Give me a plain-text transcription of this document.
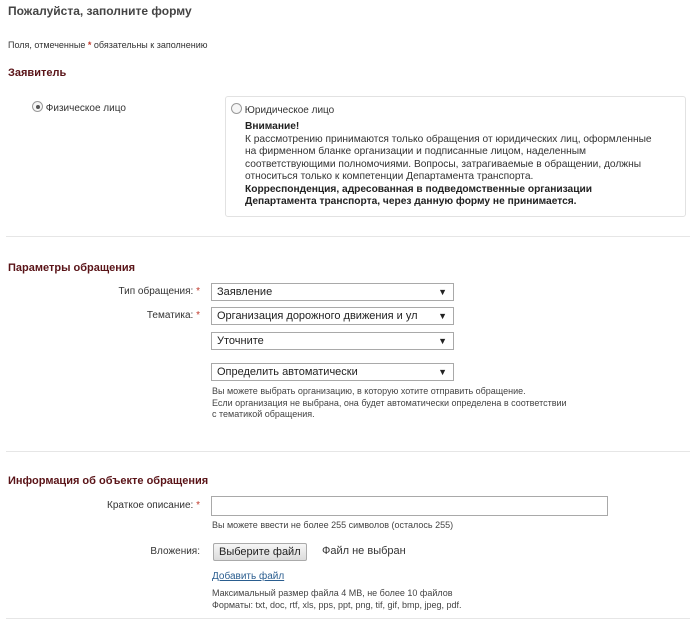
Пожалуйста, заполните форму
Поля, отмеченные * обязательны к заполнению
Заявитель
Физическое лицо	Юридическое лицо
Внимание!
К рассмотрению принимаются только обращения от юридических лиц, оформленные на фирменном бланке организации и подписанные лицом, наделенным соответствующими полномочиями. Вопросы, затрагиваемые в обращении, должны относиться только к компетенции Департамента транспорта.
Корреспонденция, адресованная в подведомственные организации Департамента транспорта, через данную форму не принимается.
Параметры обращения
Тип обращения: *	Заявление	▼
Тематика: *	Организация дорожного движения и ул ▼
Уточните	▼
Определить автоматически	▼
Вы можете выбрать организацию, в которую хотите отправить обращение.
Если организация не выбрана, она будет автоматически определена в соответствии
с тематикой обращения.
Информация об объекте обращения
Краткое описание: *
Вы можете ввести не более 255 символов (осталось 255)
Вложения:	Выберите файл	Файл не выбран
Добавить файл
Максимальный размер файла 4 MB, не более 10 файлов
Форматы: txt, doc, rtf, xls, pps, ppt, png, tif, gif, bmp, jpeg, pdf.
